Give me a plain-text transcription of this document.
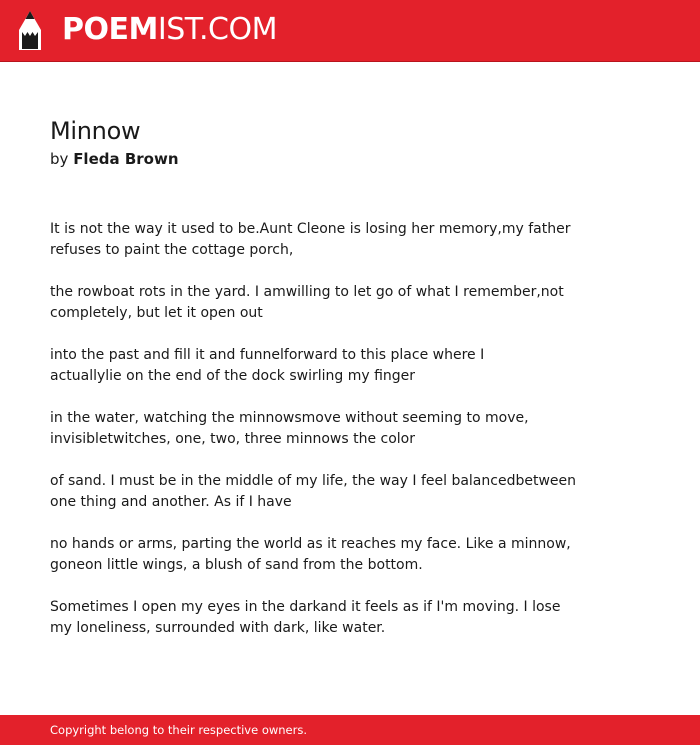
POEMIST.COM
Minnow
by Fleda Brown

It is not the way it used to be.Aunt Cleone is losing her memory,my father
refuses to paint the cottage porch,

the rowboat rots in the yard. I amwilling to let go of what I remember,not
completely, but let it open out

into the past and fill it and funnelforward to this place where I
actuallylie on the end of the dock swirling my finger

in the water, watching the minnowsmove without seeming to move,
invisibletwitches, one, two, three minnows the color

of sand. I must be in the middle of my life, the way I feel balancedbetween
one thing and another. As if I have

no hands or arms, parting the world as it reaches my face. Like a minnow,
goneon little wings, a blush of sand from the bottom.

Sometimes I open my eyes in the darkand it feels as if I'm moving. I lose
my loneliness, surrounded with dark, like water.

Copyright belong to their respective owners.
